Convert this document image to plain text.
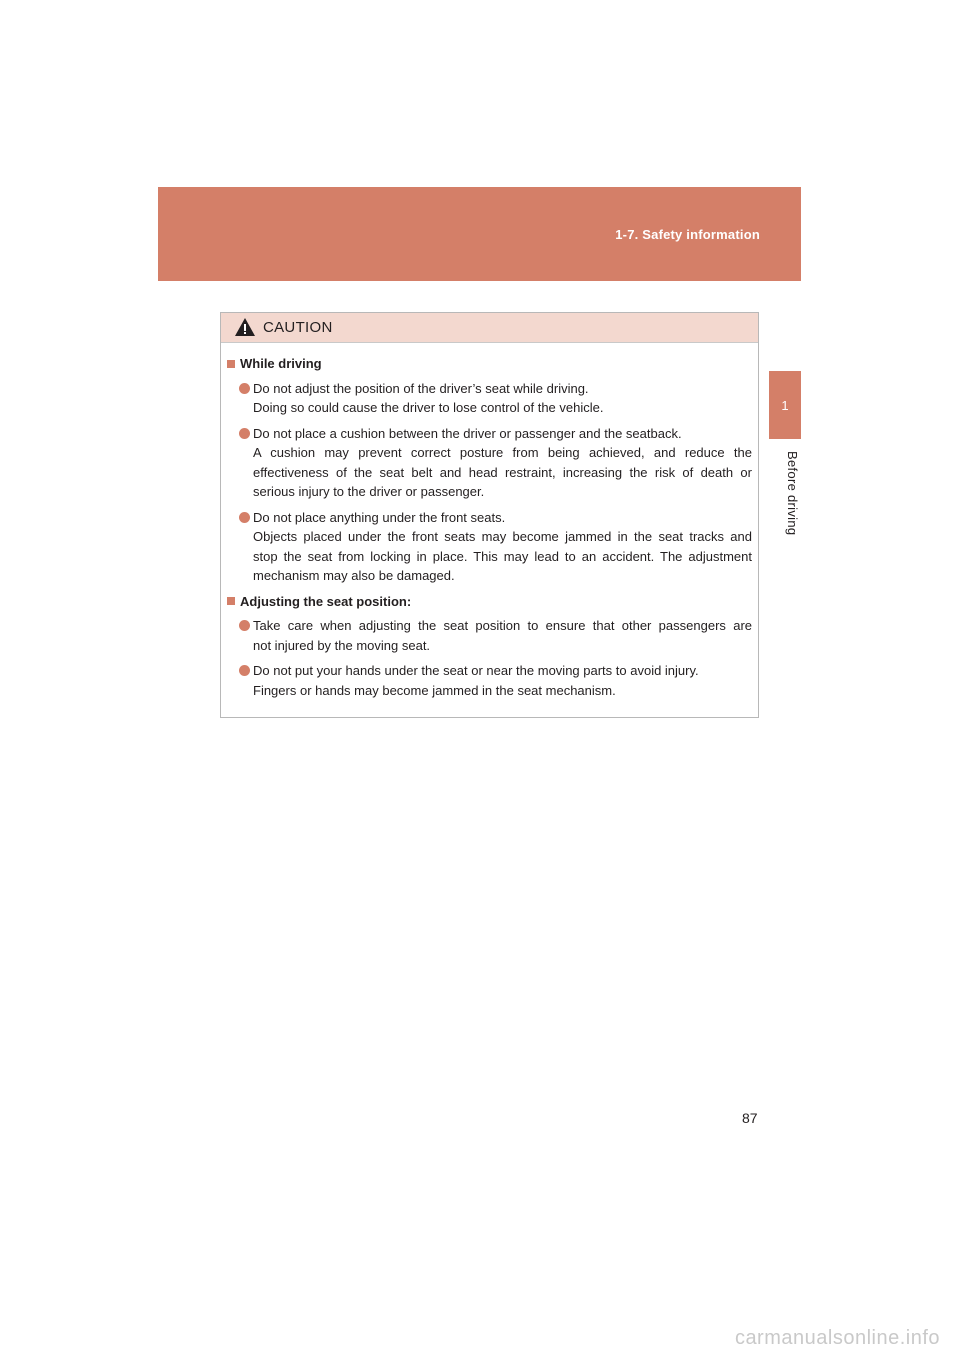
1-7. Safety information
1
Before driving
CAUTION
While driving
Do not adjust the position of the driver’s seat while driving.
Doing so could cause the driver to lose control of the vehicle.
Do not place a cushion between the driver or passenger and the seatback.
A cushion may prevent correct posture from being achieved, and reduce the
effectiveness of the seat belt and head restraint, increasing the risk of death or
serious injury to the driver or passenger.
Do not place anything under the front seats.
Objects placed under the front seats may become jammed in the seat tracks and
stop the seat from locking in place. This may lead to an accident. The adjustment
mechanism may also be damaged.
Adjusting the seat position:
Take care when adjusting the seat position to ensure that other passengers are
not injured by the moving seat.
Do not put your hands under the seat or near the moving parts to avoid injury.
Fingers or hands may become jammed in the seat mechanism.
87
carmanualsonline.info
